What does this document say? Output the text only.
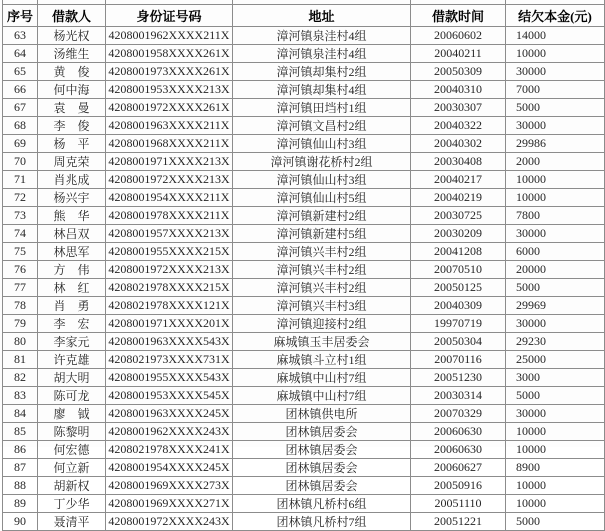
序号	借款人	身份证号码	地址	借款时间	结欠本金(元)
63	杨光权	4208001962XXXX211X	漳河镇泉洼村4组	20060602	14000
64	汤维生	4208001958XXXX261X	漳河镇泉洼村4组	20040211	10000
65	黄　俊	4208001973XXXX261X	漳河镇却集村2组	20050309	30000
66	何中海	4208001953XXXX213X	漳河镇却集村4组	20040310	7000
67	袁　曼	4208001972XXXX261X	漳河镇田垱村1组	20030307	5000
68	李　俊	4208001963XXXX211X	漳河镇文昌村2组	20040322	30000
69	杨　平	4208001968XXXX211X	漳河镇仙山村3组	20040302	29986
70	周克荣	4208001971XXXX213X	漳河镇谢花桥村2组	20030408	2000
71	肖兆成	4208001972XXXX213X	漳河镇仙山村3组	20040217	10000
72	杨兴宇	4208001954XXXX211X	漳河镇仙山村5组	20040219	10000
73	熊　华	4208001978XXXX211X	漳河镇新建村2组	20030725	7800
74	林吕双	4208001957XXXX213X	漳河镇新建村5组	20030209	30000
75	林思军	4208001955XXXX215X	漳河镇兴丰村2组	20041208	6000
76	方　伟	4208001972XXXX213X	漳河镇兴丰村2组	20070510	20000
77	林　红	4208021978XXXX215X	漳河镇兴丰村2组	20050125	5000
78	肖　勇	4208021978XXXX121X	漳河镇兴丰村3组	20040309	29969
79	李　宏	4208001971XXXX201X	漳河镇迎接村2组	19970719	30000
80	李家元	4208001963XXXX543X	麻城镇玉丰居委会	20050304	29230
81	许克雄	4208021973XXXX731X	麻城镇斗立村1组	20070116	25000
82	胡大明	4208001955XXXX543X	麻城镇中山村7组	20051230	3000
83	陈可龙	4208001953XXXX545X	麻城镇中山村7组	20030314	5000
84	廖　钺	4208001963XXXX245X	团林镇供电所	20070329	30000
85	陈黎明	4208001962XXXX243X	团林镇居委会	20060630	10000
86	何宏德	4208021978XXXX241X	团林镇居委会	20060630	10000
87	何立新	4208001954XXXX245X	团林镇居委会	20060627	8900
88	胡新权	4208001969XXXX273X	团林镇居委会	20050916	10000
89	丁少华	4208001969XXXX271X	团林镇凡桥村6组	20051110	10000
90	聂清平	4208001972XXXX243X	团林镇凡桥村7组	20051221	5000
